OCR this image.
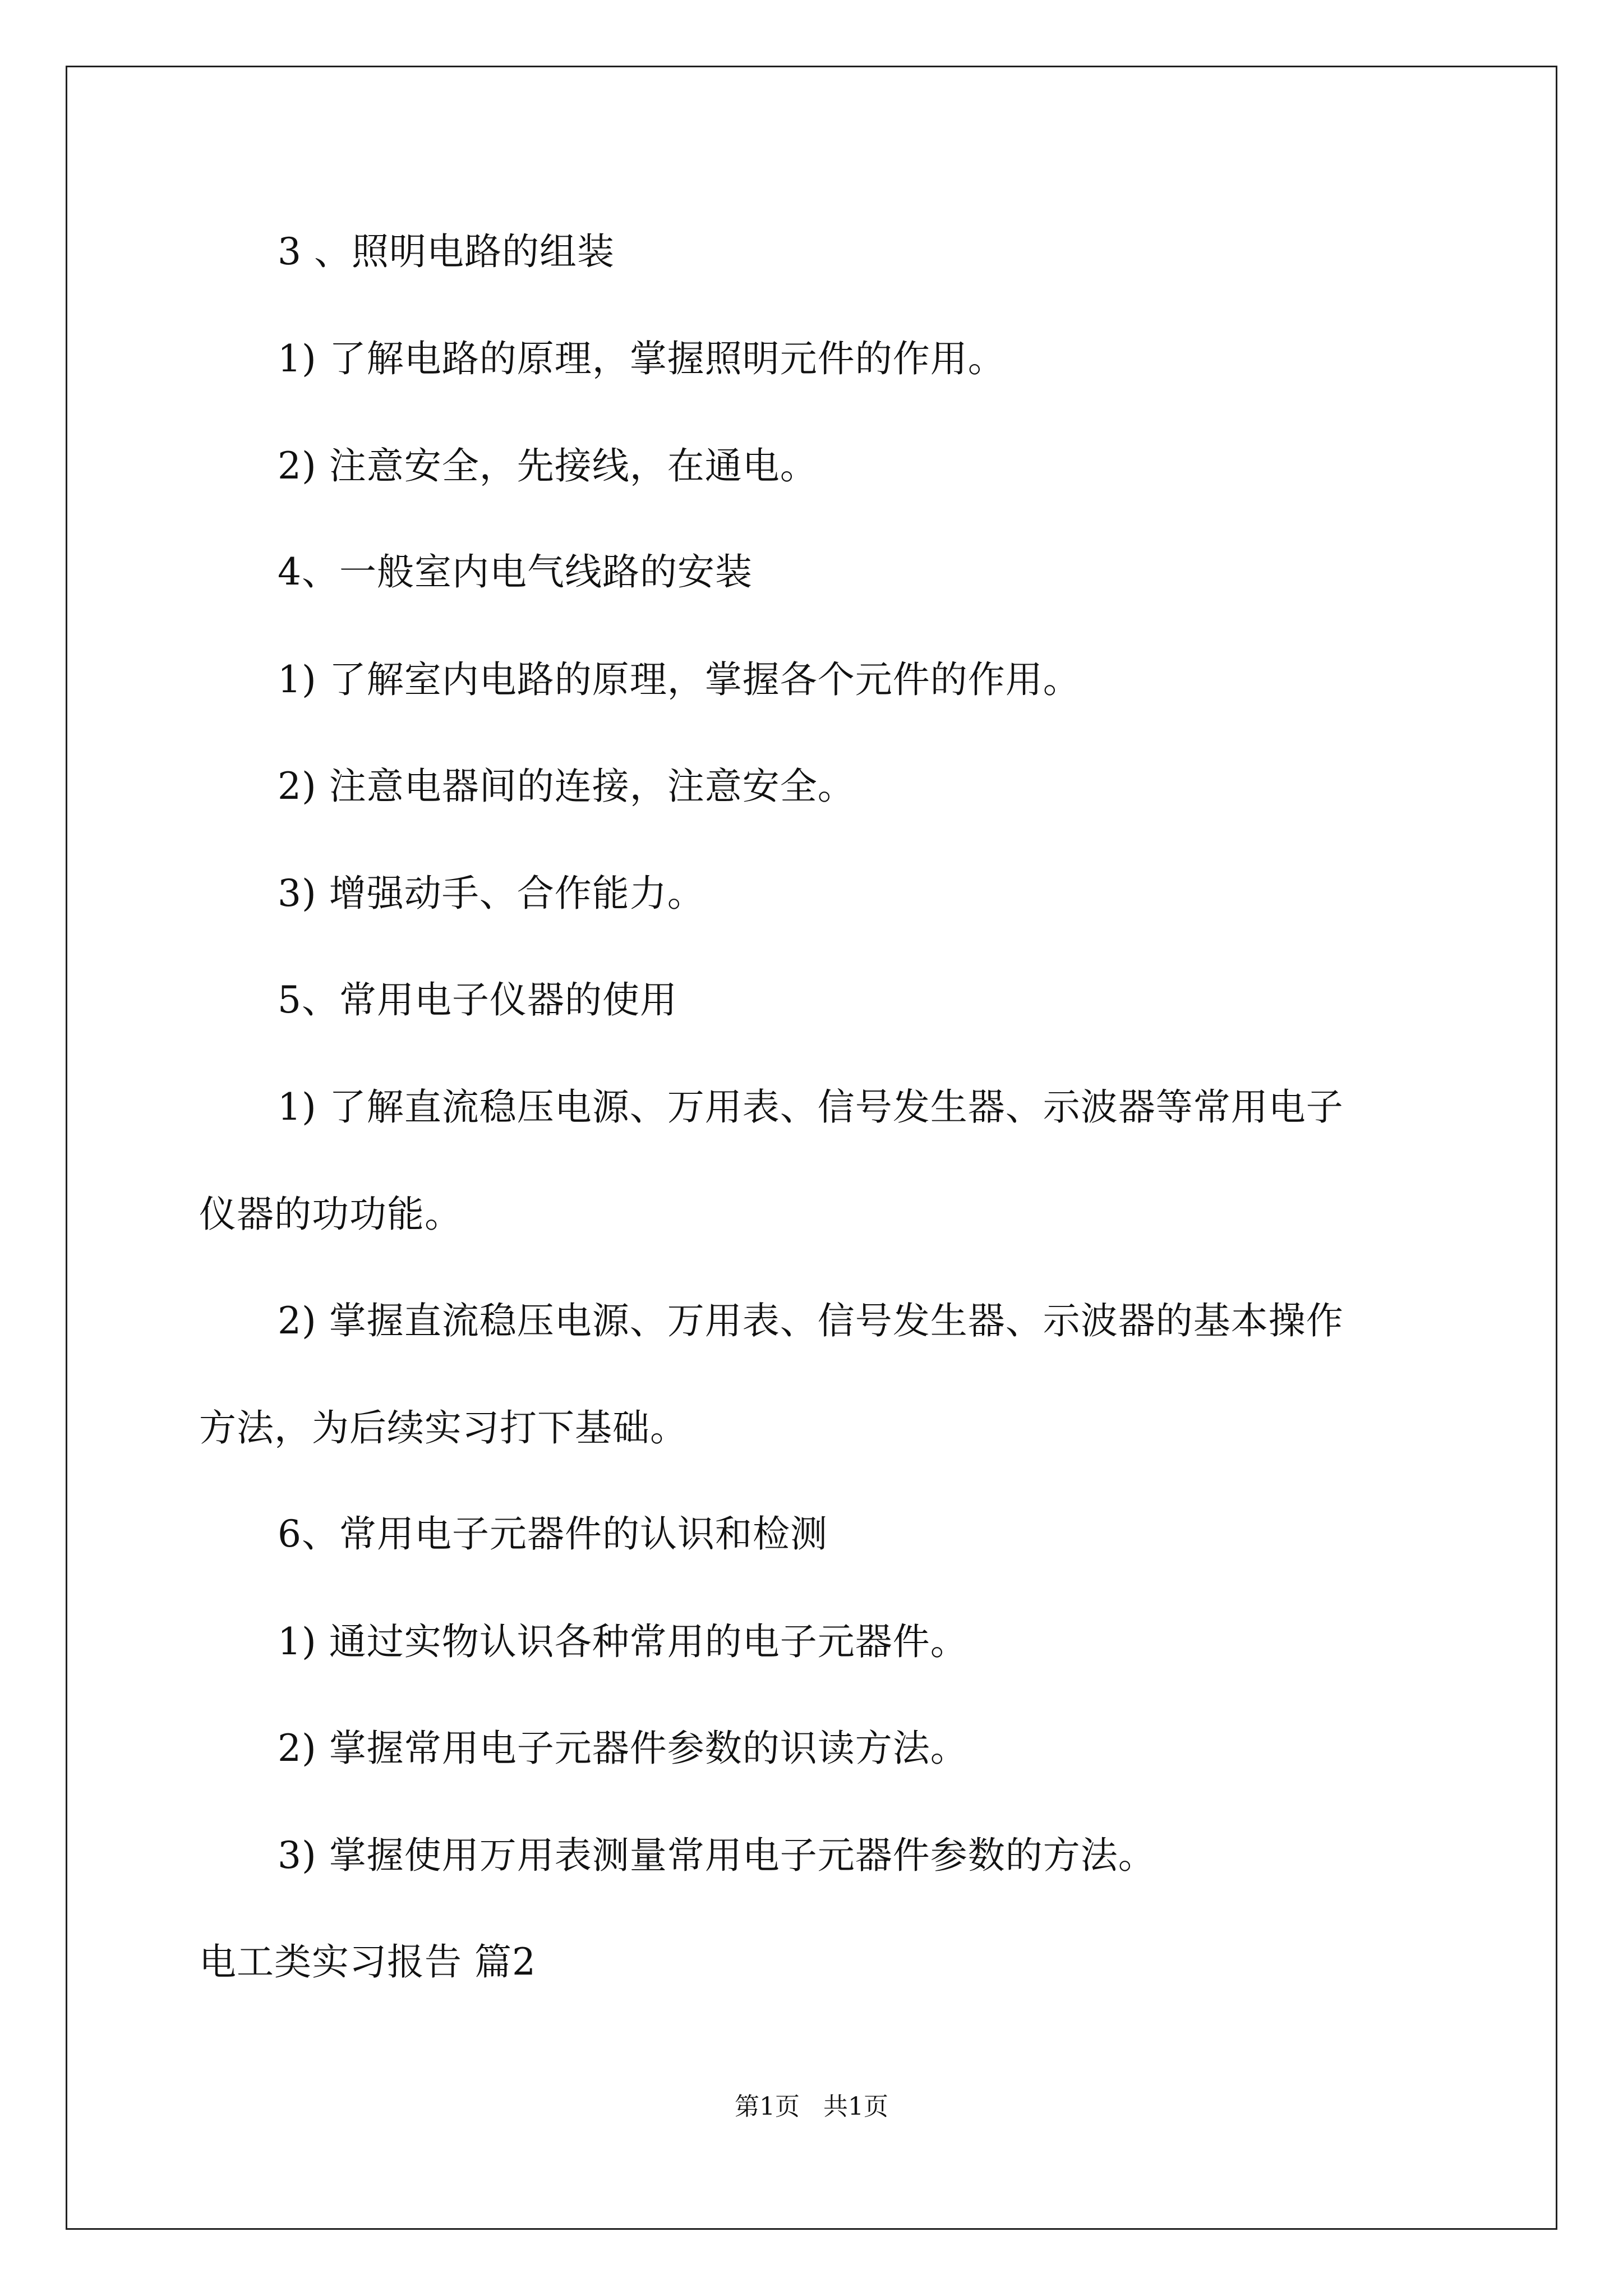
3 、照明电路的组装
1) 了解电路的原理，掌握照明元件的作用。
2) 注意安全，先接线，在通电。
4、一般室内电气线路的安装
1) 了解室内电路的原理，掌握各个元件的作用。
2) 注意电器间的连接，注意安全。
3) 增强动手、合作能力。
5、常用电子仪器的使用
1) 了解直流稳压电源、万用表、信号发生器、示波器等常用电子
仪器的功功能。
2) 掌握直流稳压电源、万用表、信号发生器、示波器的基本操作
方法，为后续实习打下基础。
6、常用电子元器件的认识和检测
1) 通过实物认识各种常用的电子元器件。
2) 掌握常用电子元器件参数的识读方法。
3) 掌握使用万用表测量常用电子元器件参数的方法。
电工类实习报告 篇2
第1页   共1页
